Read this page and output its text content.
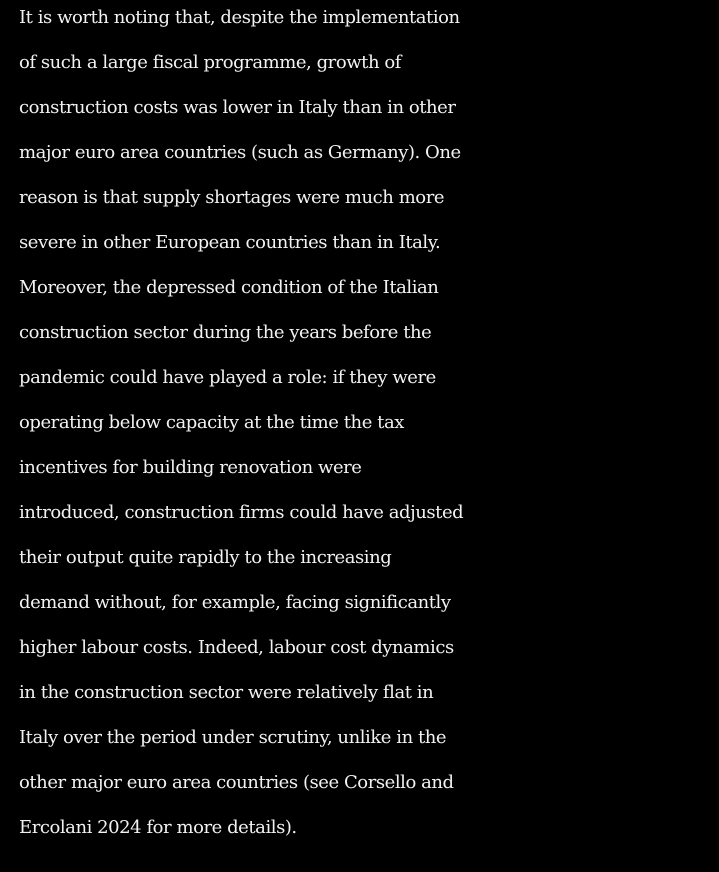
It is worth noting that, despite the implementation
of such a large fiscal programme, growth of
construction costs was lower in Italy than in other
major euro area countries (such as Germany). One
reason is that supply shortages were much more
severe in other European countries than in Italy.
Moreover, the depressed condition of the Italian
construction sector during the years before the
pandemic could have played a role: if they were
operating below capacity at the time the tax
incentives for building renovation were
introduced, construction firms could have adjusted
their output quite rapidly to the increasing
demand without, for example, facing significantly
higher labour costs. Indeed, labour cost dynamics
in the construction sector were relatively flat in
Italy over the period under scrutiny, unlike in the
other major euro area countries (see Corsello and
Ercolani 2024 for more details).
